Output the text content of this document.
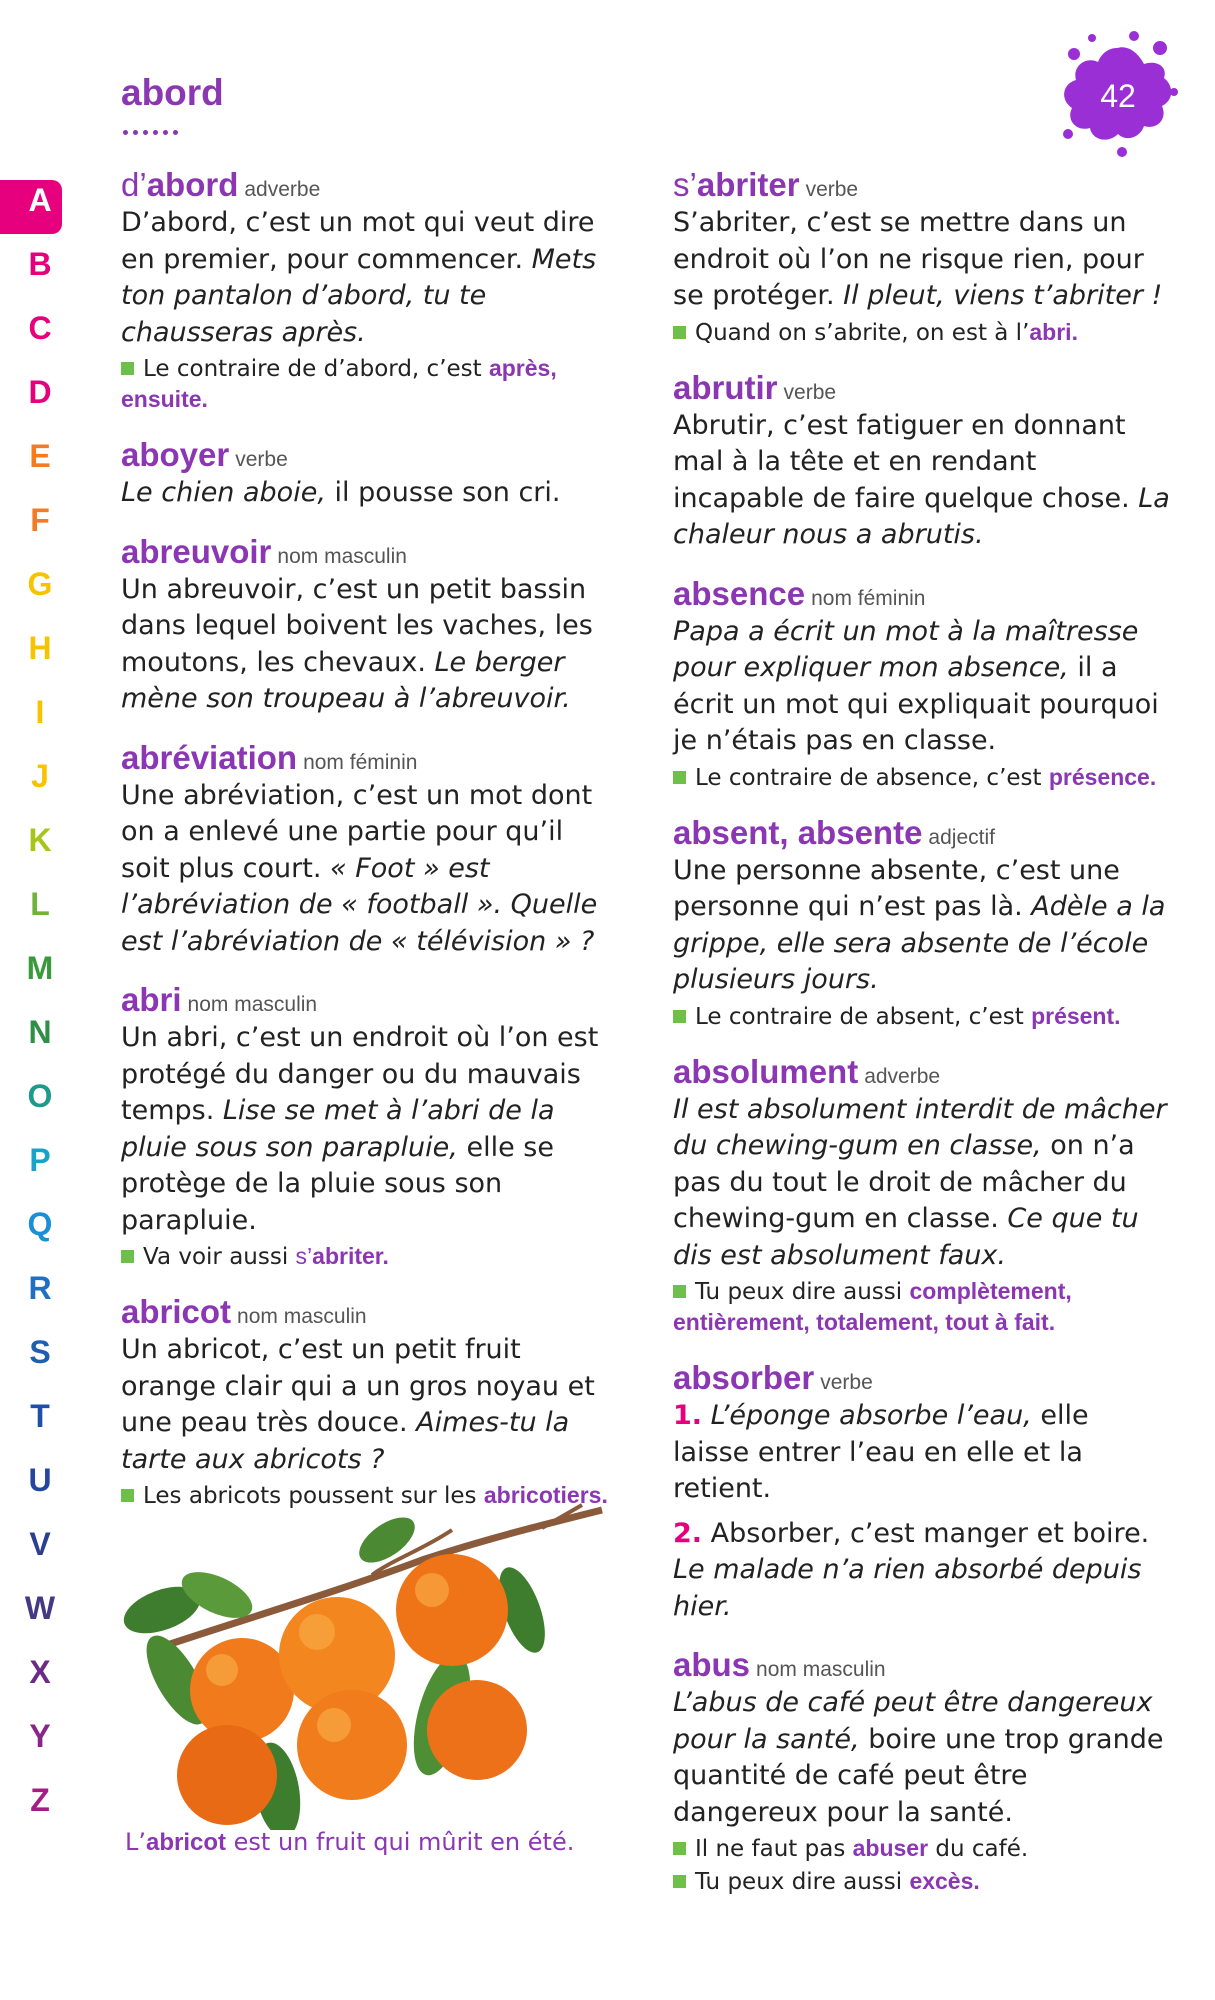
abord	42
A
B
C
D
E
F
G
H
I
J
K
L
M
N
O
P
Q
R
S
T
U
V
W
X
Y
Z
d’abord adverbe
D’abord, c’est un mot qui veut dire en premier, pour commencer. Mets ton pantalon d’abord, tu te chausseras après.
Le contraire de d’abord, c’est après, ensuite.
aboyer verbe
Le chien aboie, il pousse son cri.
abreuvoir nom masculin
Un abreuvoir, c’est un petit bassin dans lequel boivent les vaches, les moutons, les chevaux. Le berger mène son troupeau à l’abreuvoir.
abréviation nom féminin
Une abréviation, c’est un mot dont on a enlevé une partie pour qu’il soit plus court. « Foot » est l’abréviation de « football ». Quelle est l’abréviation de « télévision » ?
abri nom masculin
Un abri, c’est un endroit où l’on est protégé du danger ou du mauvais temps. Lise se met à l’abri de la pluie sous son parapluie, elle se protège de la pluie sous son parapluie.
Va voir aussi s’abriter.
abricot nom masculin
Un abricot, c’est un petit fruit orange clair qui a un gros noyau et une peau très douce. Aimes-tu la tarte aux abricots ?
Les abricots poussent sur les abricotiers.
L’abricot est un fruit qui mûrit en été.
s’abriter verbe
S’abriter, c’est se mettre dans un endroit où l’on ne risque rien, pour se protéger. Il pleut, viens t’abriter !
Quand on s’abrite, on est à l’abri.
abrutir verbe
Abrutir, c’est fatiguer en donnant mal à la tête et en rendant incapable de faire quelque chose. La chaleur nous a abrutis.
absence nom féminin
Papa a écrit un mot à la maîtresse pour expliquer mon absence, il a écrit un mot qui expliquait pourquoi je n’étais pas en classe.
Le contraire de absence, c’est présence.
absent, absente adjectif
Une personne absente, c’est une personne qui n’est pas là. Adèle a la grippe, elle sera absente de l’école plusieurs jours.
Le contraire de absent, c’est présent.
absolument adverbe
Il est absolument interdit de mâcher du chewing-gum en classe, on n’a pas du tout le droit de mâcher du chewing-gum en classe. Ce que tu dis est absolument faux.
Tu peux dire aussi complètement, entièrement, totalement, tout à fait.
absorber verbe
1. L’éponge absorbe l’eau, elle laisse entrer l’eau en elle et la retient.
2. Absorber, c’est manger et boire. Le malade n’a rien absorbé depuis hier.
abus nom masculin
L’abus de café peut être dangereux pour la santé, boire une trop grande quantité de café peut être dangereux pour la santé.
Il ne faut pas abuser du café.
Tu peux dire aussi excès.
